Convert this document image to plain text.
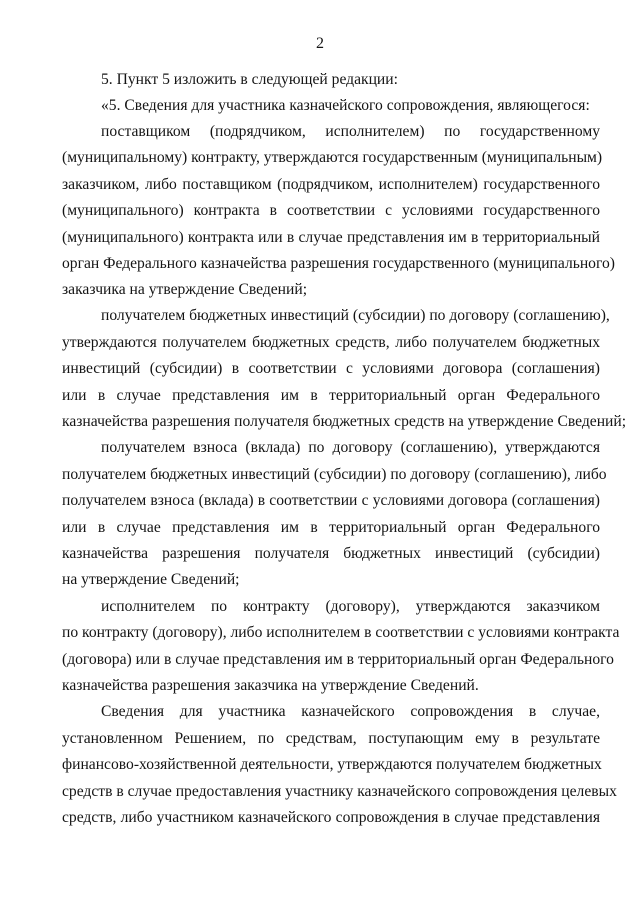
2
5. Пункт 5 изложить в следующей редакции:
«5. Сведения для участника казначейского сопровождения, являющегося:
поставщиком (подрядчиком, исполнителем) по государственному
(муниципальному) контракту, утверждаются государственным (муниципальным)
заказчиком, либо поставщиком (подрядчиком, исполнителем) государственного
(муниципального) контракта в соответствии с условиями государственного
(муниципального) контракта или в случае представления им в территориальный
орган Федерального казначейства разрешения государственного (муниципального)
заказчика на утверждение Сведений;
получателем бюджетных инвестиций (субсидии) по договору (соглашению),
утверждаются получателем бюджетных средств, либо получателем бюджетных
инвестиций (субсидии) в соответствии с условиями договора (соглашения)
или в случае представления им в территориальный орган Федерального
казначейства разрешения получателя бюджетных средств на утверждение Сведений;
получателем взноса (вклада) по договору (соглашению), утверждаются
получателем бюджетных инвестиций (субсидии) по договору (соглашению), либо
получателем взноса (вклада) в соответствии с условиями договора (соглашения)
или в случае представления им в территориальный орган Федерального
казначейства разрешения получателя бюджетных инвестиций (субсидии)
на утверждение Сведений;
исполнителем по контракту (договору), утверждаются заказчиком
по контракту (договору), либо исполнителем в соответствии с условиями контракта
(договора) или в случае представления им в территориальный орган Федерального
казначейства разрешения заказчика на утверждение Сведений.
Сведения для участника казначейского сопровождения в случае,
установленном Решением, по средствам, поступающим ему в результате
финансово-хозяйственной деятельности, утверждаются получателем бюджетных
средств в случае предоставления участнику казначейского сопровождения целевых
средств, либо участником казначейского сопровождения в случае представления
